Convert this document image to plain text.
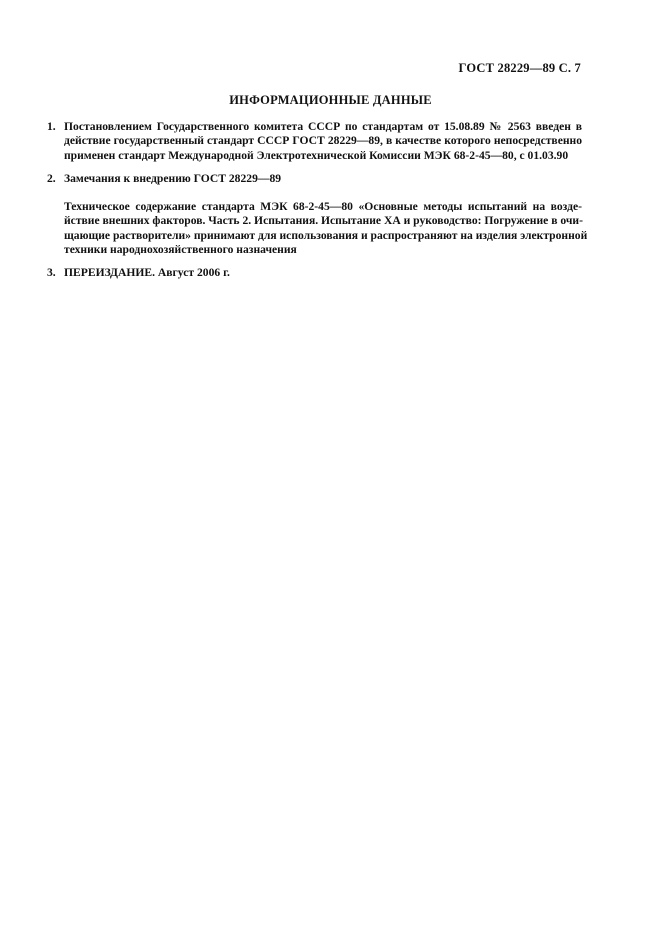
ГОСТ 28229—89 С. 7
ИНФОРМАЦИОННЫЕ ДАННЫЕ
1. Постановлением Государственного комитета СССР по стандартам от 15.08.89 № 2563 введен в
действие государственный стандарт СССР ГОСТ 28229—89, в качестве которого непосредственно
применен стандарт Международной Электротехнической Комиссии МЭК 68-2-45—80, с 01.03.90
2. Замечания к внедрению ГОСТ 28229—89
Техническое содержание стандарта МЭК 68-2-45—80 «Основные методы испытаний на возде-
йствие внешних факторов. Часть 2. Испытания. Испытание ХА и руководство: Погружение в очи-
щающие растворители» принимают для использования и распространяют на изделия электронной
техники народнохозяйственного назначения
3. ПЕРЕИЗДАНИЕ. Август 2006 г.
